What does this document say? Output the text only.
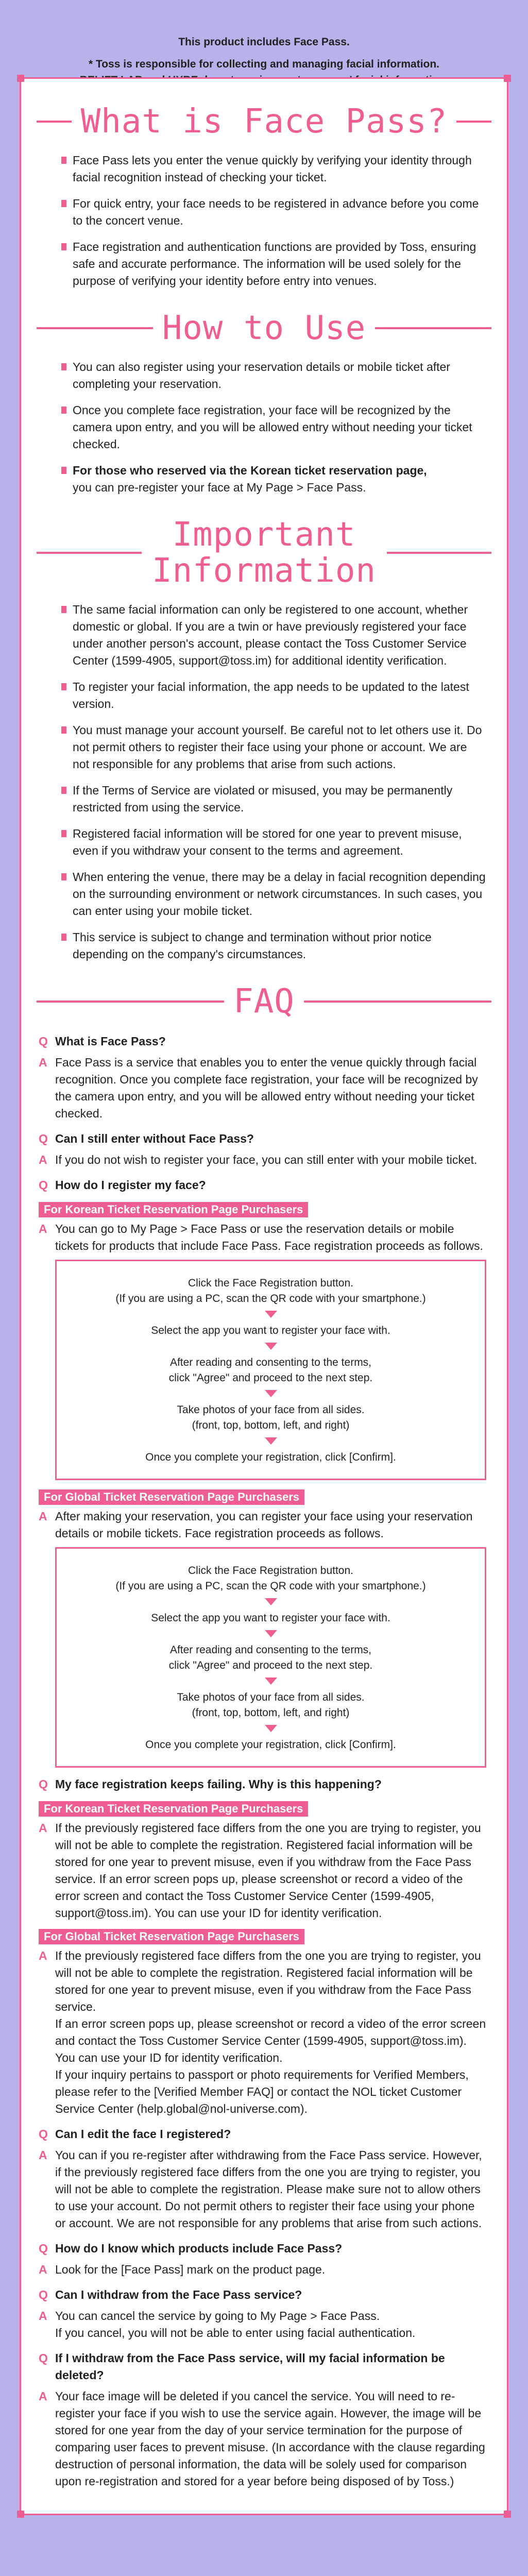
This product includes Face Pass.

* Toss is responsible for collecting and managing facial information.

What is Face Pass?
Face Pass lets you enter the venue quickly by verifying your identity through facial recognition instead of checking your ticket.
For quick entry, your face needs to be registered in advance before you come to the concert venue.
Face registration and authentication functions are provided by Toss, ensuring safe and accurate performance. The information will be used solely for the purpose of verifying your identity before entry into venues.
How to Use
You can also register using your reservation details or mobile ticket after completing your reservation.
Once you complete face registration, your face will be recognized by the camera upon entry, and you will be allowed entry without needing your ticket checked.
For those who reserved via the Korean ticket reservation page,
you can pre-register your face at My Page > Face Pass.
Important Information
The same facial information can only be registered to one account, whether domestic or global. If you are a twin or have previously registered your face under another person's account, please contact the Toss Customer Service Center (1599-4905, support@toss.im) for additional identity verification.
To register your facial information, the app needs to be updated to the latest version.
You must manage your account yourself. Be careful not to let others use it. Do not permit others to register their face using your phone or account. We are not responsible for any problems that arise from such actions.
If the Terms of Service are violated or misused, you may be permanently restricted from using the service.
Registered facial information will be stored for one year to prevent misuse, even if you withdraw your consent to the terms and agreement.
When entering the venue, there may be a delay in facial recognition depending on the surrounding environment or network circumstances. In such cases, you can enter using your mobile ticket.
This service is subject to change and termination without prior notice depending on the company's circumstances.
FAQ
Q What is Face Pass?
A Face Pass is a service that enables you to enter the venue quickly through facial recognition. Once you complete face registration, your face will be recognized by the camera upon entry, and you will be allowed entry without needing your ticket checked.
Q Can I still enter without Face Pass?
A If you do not wish to register your face, you can still enter with your mobile ticket.
Q How do I register my face?
For Korean Ticket Reservation Page Purchasers
A You can go to My Page > Face Pass or use the reservation details or mobile tickets for products that include Face Pass. Face registration proceeds as follows.

Click the Face Registration button.

(If you are using a PC, scan the QR code with your smartphone.)

Select the app you want to register your face with.

After reading and consenting to the terms,

click "Agree" and proceed to the next step.

Take photos of your face from all sides.

(front, top, bottom, left, and right)

Once you complete your registration, click [Confirm].

For Global Ticket Reservation Page Purchasers
A After making your reservation, you can register your face using your reservation details or mobile tickets. Face registration proceeds as follows.

Click the Face Registration button.

(If you are using a PC, scan the QR code with your smartphone.)

Select the app you want to register your face with.

After reading and consenting to the terms,

click "Agree" and proceed to the next step.

Take photos of your face from all sides.

(front, top, bottom, left, and right)

Once you complete your registration, click [Confirm].

Q My face registration keeps failing. Why is this happening?
For Korean Ticket Reservation Page Purchasers
A If the previously registered face differs from the one you are trying to register, you will not be able to complete the registration. Registered facial information will be stored for one year to prevent misuse, even if you withdraw from the Face Pass service. If an error screen pops up, please screenshot or record a video of the error screen and contact the Toss Customer Service Center (1599-4905, support@toss.im). You can use your ID for identity verification.
For Global Ticket Reservation Page Purchasers
A If the previously registered face differs from the one you are trying to register, you will not be able to complete the registration. Registered facial information will be stored for one year to prevent misuse, even if you withdraw from the Face Pass service.
If an error screen pops up, please screenshot or record a video of the error screen and contact the Toss Customer Service Center (1599-4905, support@toss.im). You can use your ID for identity verification.
If your inquiry pertains to passport or photo requirements for Verified Members, please refer to the [Verified Member FAQ] or contact the NOL ticket Customer Service Center (help.global@nol-universe.com).
Q Can I edit the face I registered?
A You can if you re-register after withdrawing from the Face Pass service. However, if the previously registered face differs from the one you are trying to register, you will not be able to complete the registration. Please make sure not to allow others to use your account. Do not permit others to register their face using your phone or account. We are not responsible for any problems that arise from such actions.
Q How do I know which products include Face Pass?
A Look for the [Face Pass] mark on the product page.
Q Can I withdraw from the Face Pass service?
A You can cancel the service by going to My Page > Face Pass.
If you cancel, you will not be able to enter using facial authentication.
Q If I withdraw from the Face Pass service, will my facial information be deleted?
A Your face image will be deleted if you cancel the service. You will need to re-register your face if you wish to use the service again. However, the image will be stored for one year from the day of your service termination for the purpose of comparing user faces to prevent misuse. (In accordance with the clause regarding destruction of personal information, the data will be solely used for comparison upon re-registration and stored for a year before being disposed of by Toss.)
